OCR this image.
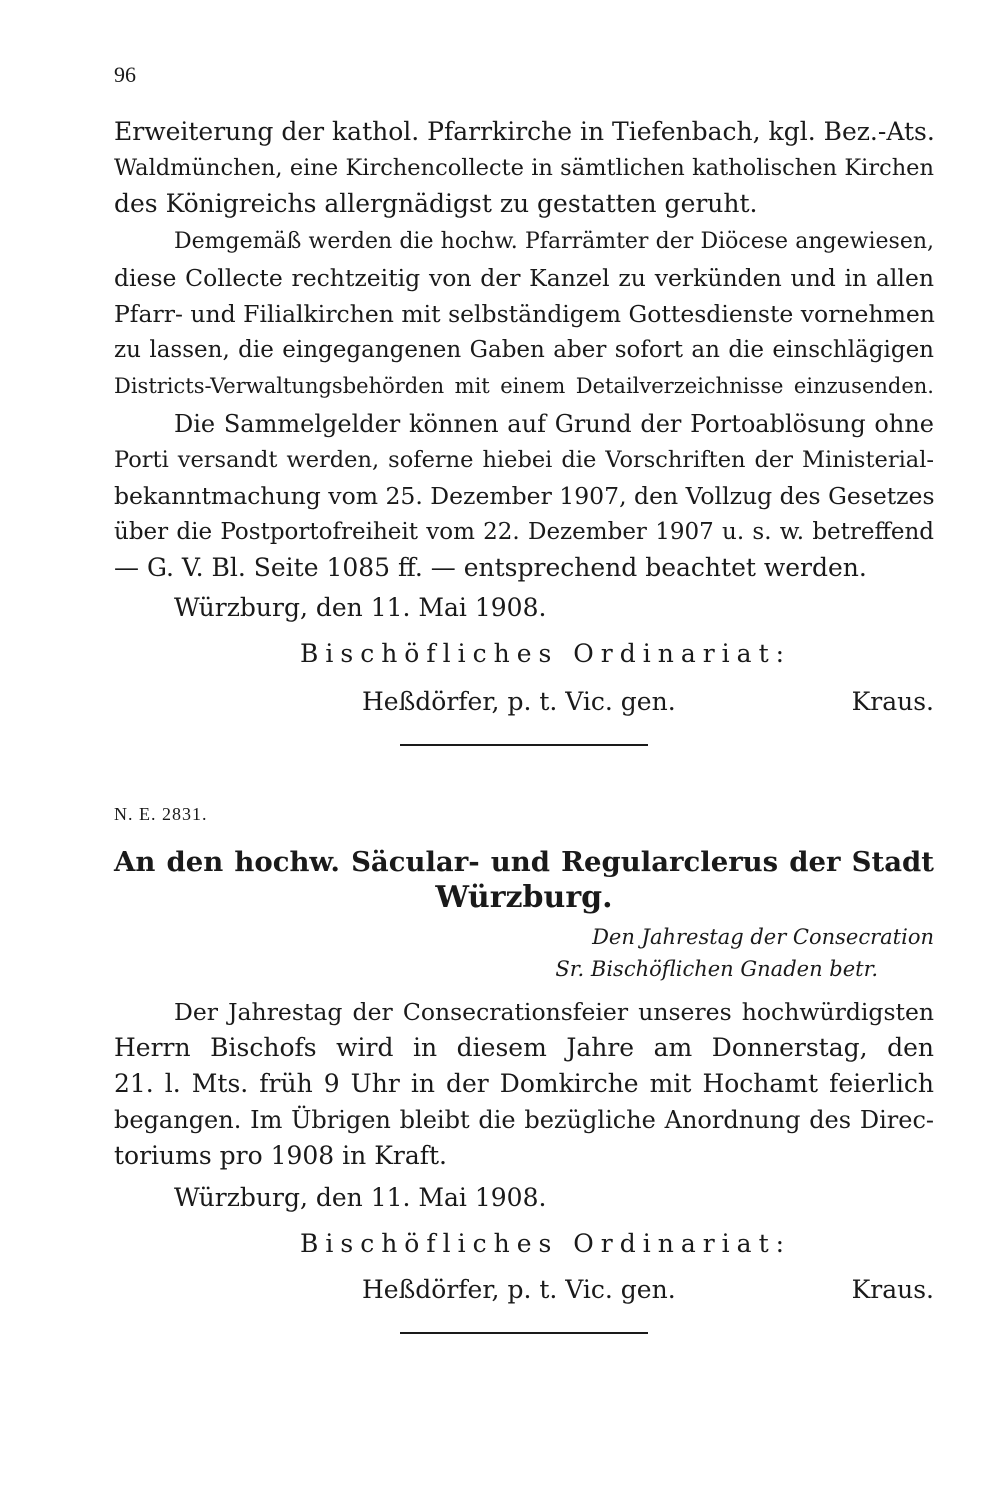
96
Erweiterung der kathol. Pfarrkirche in Tiefenbach, kgl. Bez.-Ats.
Waldmünchen, eine Kirchencollecte in sämtlichen katholischen Kirchen
des Königreichs allergnädigst zu gestatten geruht.
Demgemäß werden die hochw. Pfarrämter der Diöcese angewiesen,
diese Collecte rechtzeitig von der Kanzel zu verkünden und in allen
Pfarr- und Filialkirchen mit selbständigem Gottesdienste vornehmen
zu lassen, die eingegangenen Gaben aber sofort an die einschlägigen
Districts-Verwaltungsbehörden mit einem Detailverzeichnisse einzusenden.
Die Sammelgelder können auf Grund der Portoablösung ohne
Porti versandt werden, soferne hiebei die Vorschriften der Ministerial-
bekanntmachung vom 25. Dezember 1907, den Vollzug des Gesetzes
über die Postportofreiheit vom 22. Dezember 1907 u. s. w. betreffend
— G. V. Bl. Seite 1085 ff. — entsprechend beachtet werden.
Würzburg, den 11. Mai 1908.
Bischöfliches Ordinariat:
Heßdörfer, p. t. Vic. gen.	Kraus.
N. E. 2831.
An den hochw. Säcular- und Regularclerus der Stadt
Würzburg.
Den Jahrestag der Consecration
Sr. Bischöflichen Gnaden betr.
Der Jahrestag der Consecrationsfeier unseres hochwürdigsten
Herrn Bischofs wird in diesem Jahre am Donnerstag, den
21. l. Mts. früh 9 Uhr in der Domkirche mit Hochamt feierlich
begangen. Im Übrigen bleibt die bezügliche Anordnung des Direc-
toriums pro 1908 in Kraft.
Würzburg, den 11. Mai 1908.
Bischöfliches Ordinariat:
Heßdörfer, p. t. Vic. gen.	Kraus.
